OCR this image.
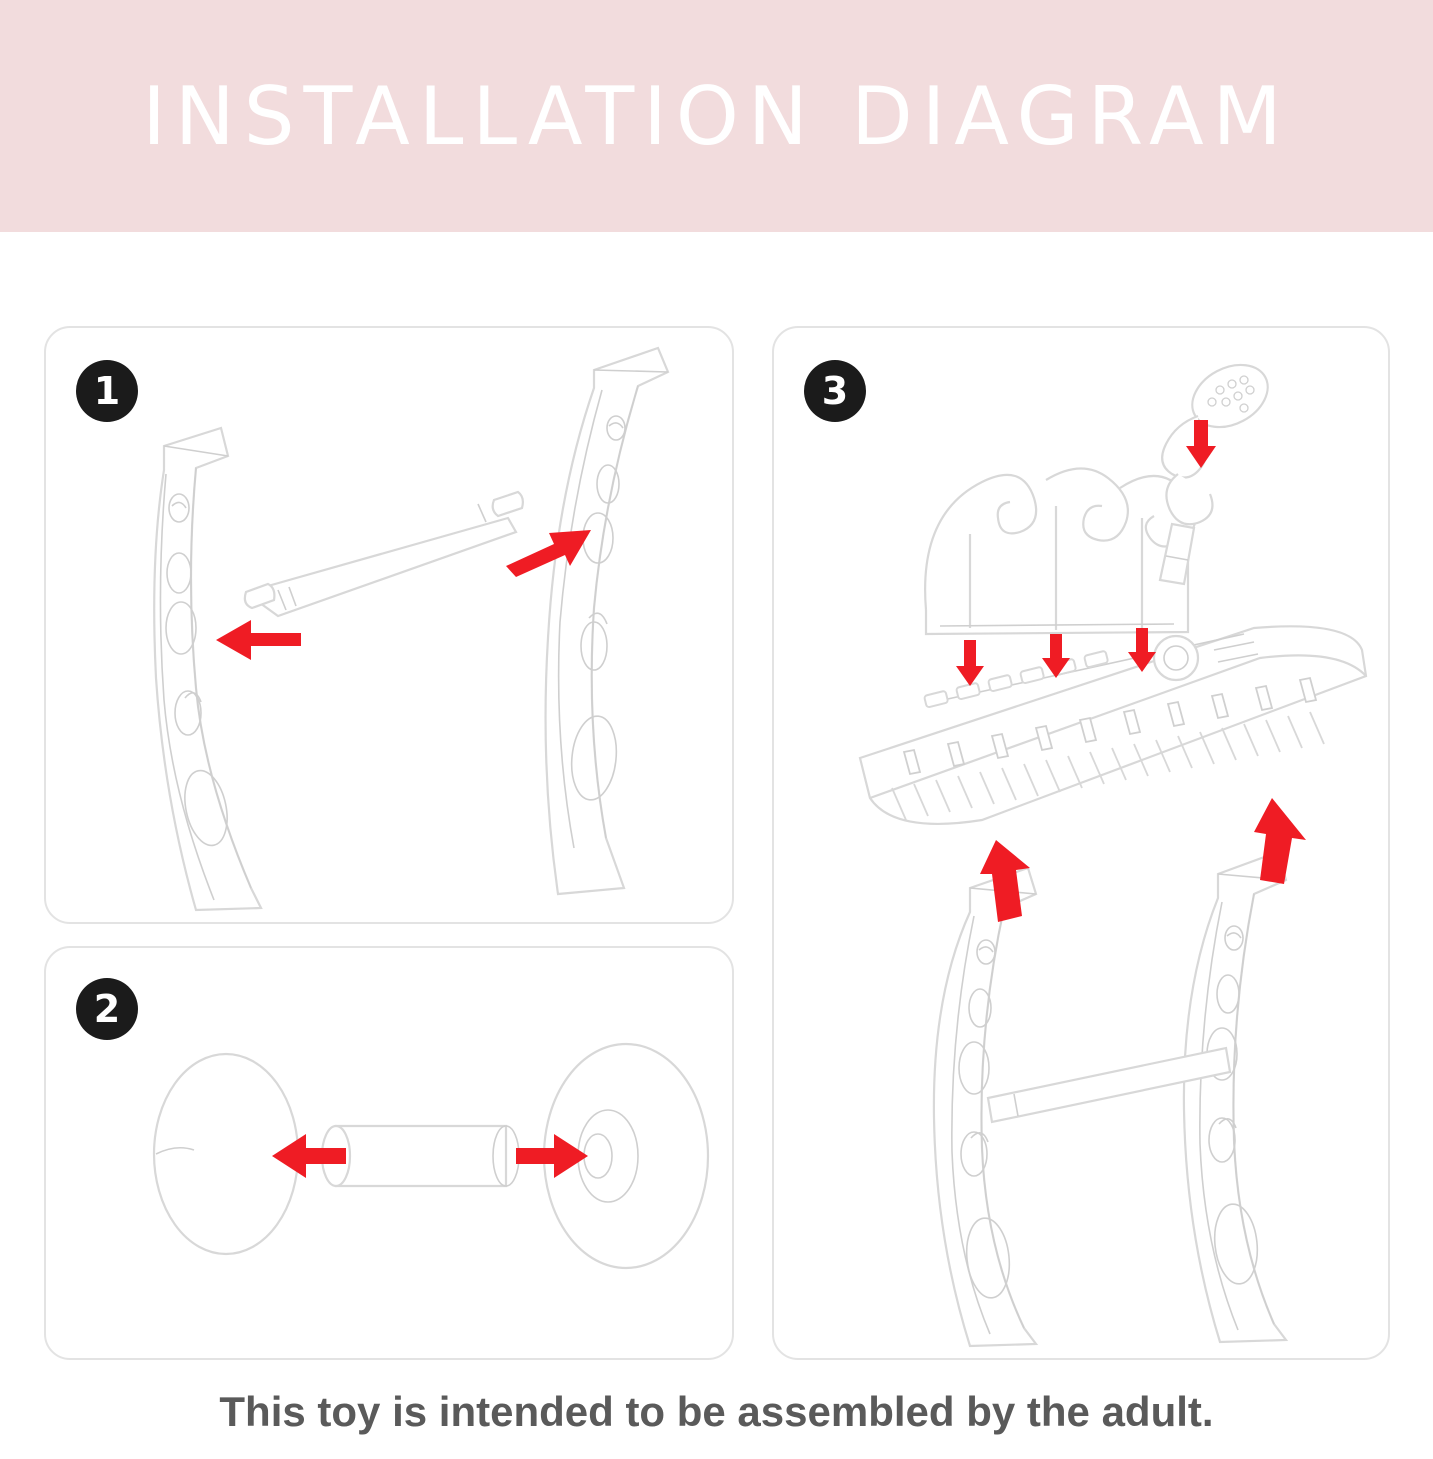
INSTALLATION DIAGRAM
1
2
3
This toy is intended to be assembled by the adult.
